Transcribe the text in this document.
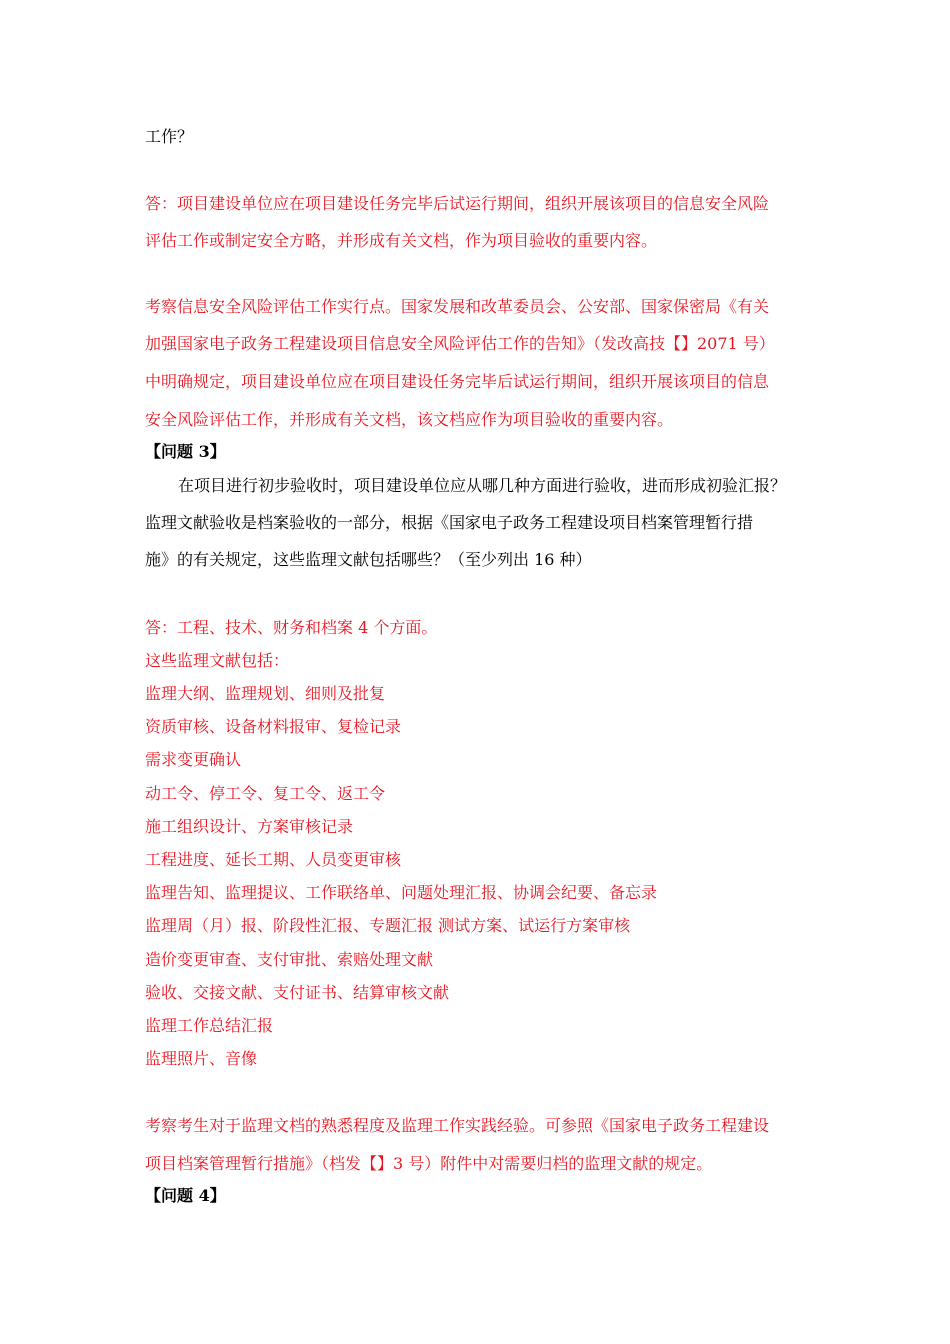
工作？
答：项目建设单位应在项目建设任务完毕后试运行期间，组织开展该项目的信息安全风险
评估工作或制定安全方略，并形成有关文档，作为项目验收的重要内容。
考察信息安全风险评估工作实行点。国家发展和改革委员会、公安部、国家保密局《有关
加强国家电子政务工程建设项目信息安全风险评估工作的告知》（发改高技【】2071 号）
中明确规定，项目建设单位应在项目建设任务完毕后试运行期间，组织开展该项目的信息
安全风险评估工作，并形成有关文档，该文档应作为项目验收的重要内容。
【问题 3】
在项目进行初步验收时，项目建设单位应从哪几种方面进行验收，进而形成初验汇报？
监理文献验收是档案验收的一部分，根据《国家电子政务工程建设项目档案管理暂行措
施》的有关规定，这些监理文献包括哪些？（至少列出 16 种）
答：工程、技术、财务和档案 4 个方面。
这些监理文献包括：
监理大纲、监理规划、细则及批复
资质审核、设备材料报审、复检记录
需求变更确认
动工令、停工令、复工令、返工令
施工组织设计、方案审核记录
工程进度、延长工期、人员变更审核
监理告知、监理提议、工作联络单、问题处理汇报、协调会纪要、备忘录
监理周（月）报、阶段性汇报、专题汇报 测试方案、试运行方案审核
造价变更审查、支付审批、索赔处理文献
验收、交接文献、支付证书、结算审核文献
监理工作总结汇报
监理照片、音像
考察考生对于监理文档的熟悉程度及监理工作实践经验。可参照《国家电子政务工程建设
项目档案管理暂行措施》（档发【】3 号）附件中对需要归档的监理文献的规定。
【问题 4】
